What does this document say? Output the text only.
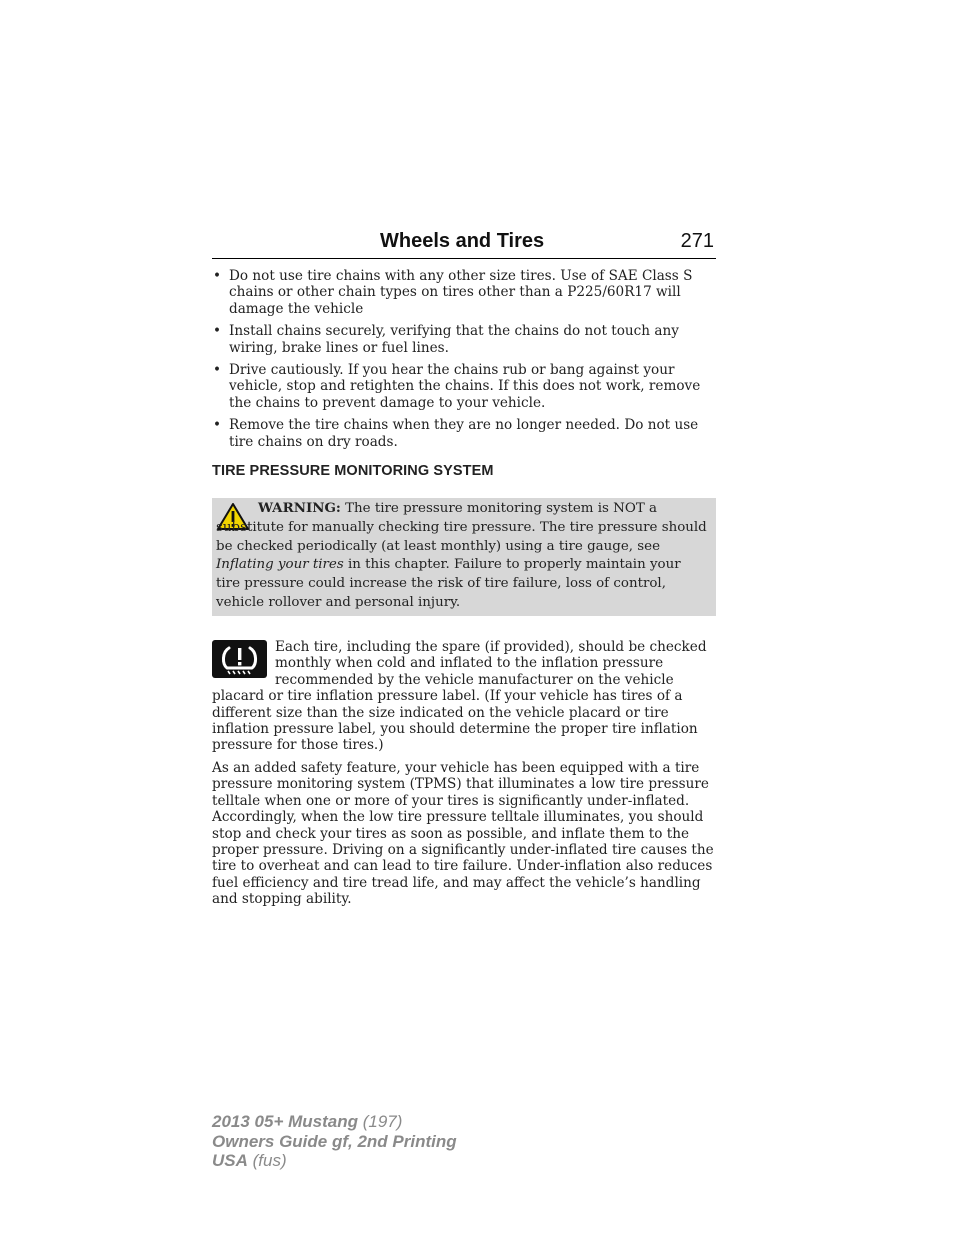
Wheels and Tires	271
• Do not use tire chains with any other size tires. Use of SAE Class S chains or other chain types on tires other than a P225/60R17 will damage the vehicle
• Install chains securely, verifying that the chains do not touch any wiring, brake lines or fuel lines.
• Drive cautiously. If you hear the chains rub or bang against your vehicle, stop and retighten the chains. If this does not work, remove the chains to prevent damage to your vehicle.
• Remove the tire chains when they are no longer needed. Do not use tire chains on dry roads.
TIRE PRESSURE MONITORING SYSTEM
WARNING: The tire pressure monitoring system is NOT a substitute for manually checking tire pressure. The tire pressure should be checked periodically (at least monthly) using a tire gauge, see Inflating your tires in this chapter. Failure to properly maintain your tire pressure could increase the risk of tire failure, loss of control, vehicle rollover and personal injury.
Each tire, including the spare (if provided), should be checked monthly when cold and inflated to the inflation pressure recommended by the vehicle manufacturer on the vehicle placard or tire inflation pressure label. (If your vehicle has tires of a different size than the size indicated on the vehicle placard or tire inflation pressure label, you should determine the proper tire inflation pressure for those tires.)
As an added safety feature, your vehicle has been equipped with a tire pressure monitoring system (TPMS) that illuminates a low tire pressure telltale when one or more of your tires is significantly under-inflated. Accordingly, when the low tire pressure telltale illuminates, you should stop and check your tires as soon as possible, and inflate them to the proper pressure. Driving on a significantly under-inflated tire causes the tire to overheat and can lead to tire failure. Under-inflation also reduces fuel efficiency and tire tread life, and may affect the vehicle’s handling and stopping ability.
2013 05+ Mustang (197)
Owners Guide gf, 2nd Printing
USA (fus)
